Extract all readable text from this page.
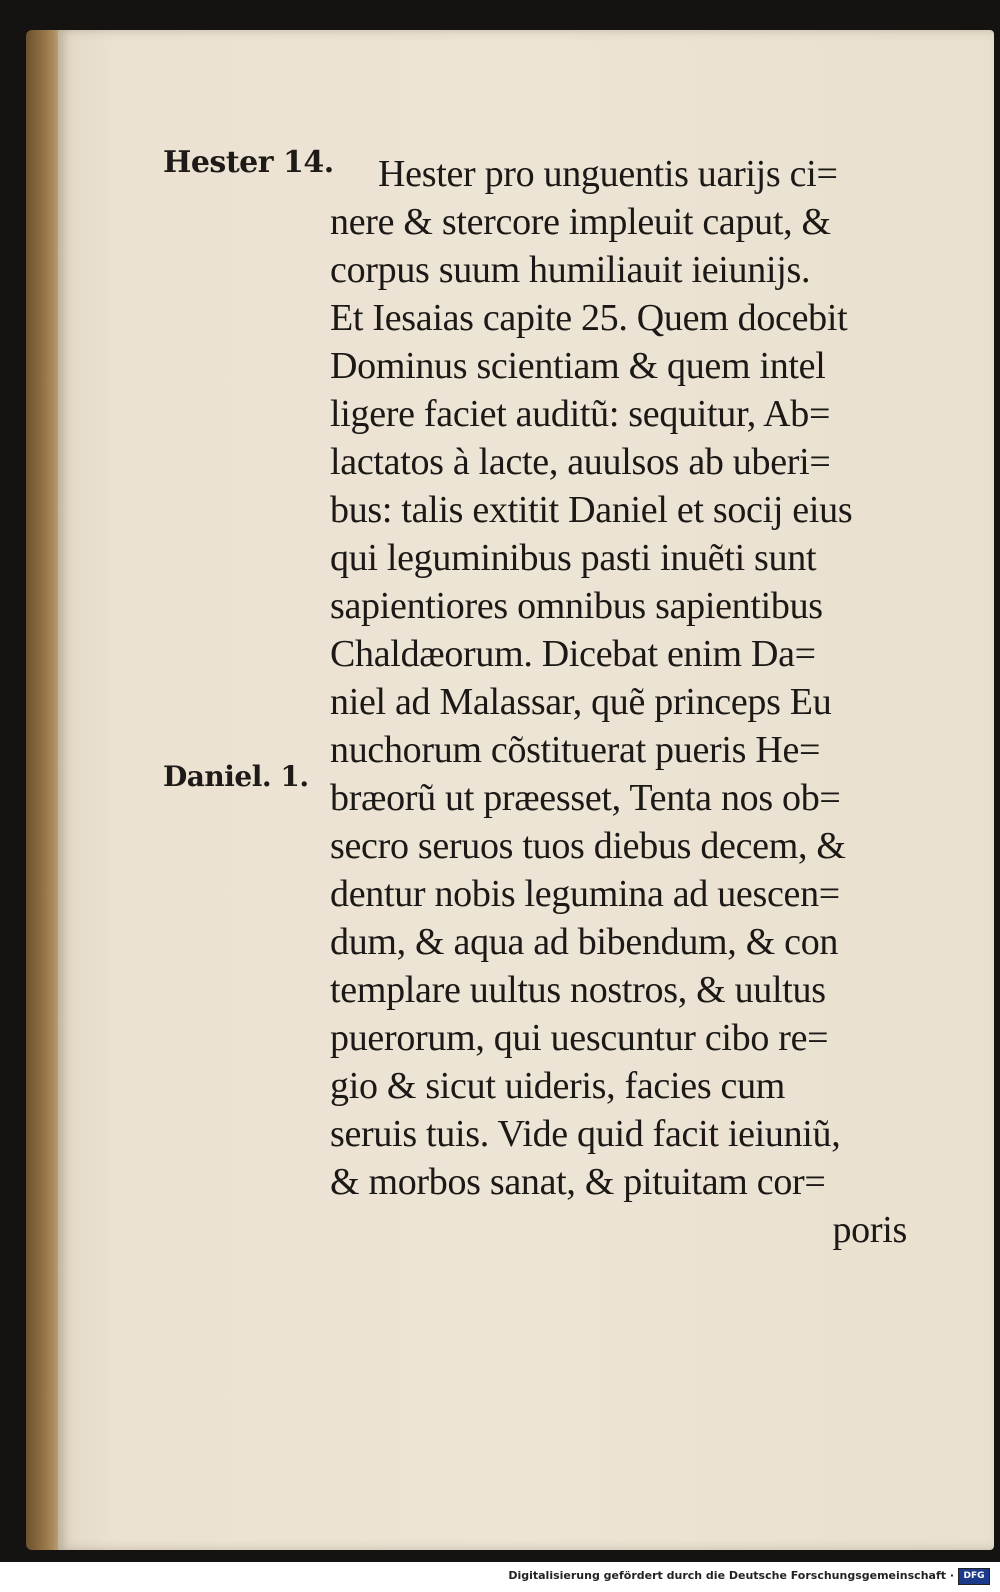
Hester 14.
Daniel. 1.
Hester pro unguentis uarijs ci=
nere & stercore impleuit caput, &
corpus suum humiliauit ieiunijs.
Et Iesaias capite 25. Quem docebit
Dominus scientiam & quem intel
ligere faciet auditũ: sequitur, Ab=
lactatos à lacte, auulsos ab uberi=
bus: talis extitit Daniel et socij eius
qui leguminibus pasti inuẽti sunt
sapientiores omnibus sapientibus
Chaldæorum. Dicebat enim Da=
niel ad Malassar, quẽ princeps Eu
nuchorum cõstituerat pueris He=
bræorũ ut præesset, Tenta nos ob=
secro seruos tuos diebus decem, &
dentur nobis legumina ad uescen=
dum, & aqua ad bibendum, & con
templare uultus nostros, & uultus
puerorum, qui uescuntur cibo re=
gio & sicut uideris, facies cum
seruis tuis. Vide quid facit ieiuniũ,
& morbos sanat, & pituitam cor=
poris
Digitalisierung gefördert durch die Deutsche Forschungsgemeinschaft ·	DFG
